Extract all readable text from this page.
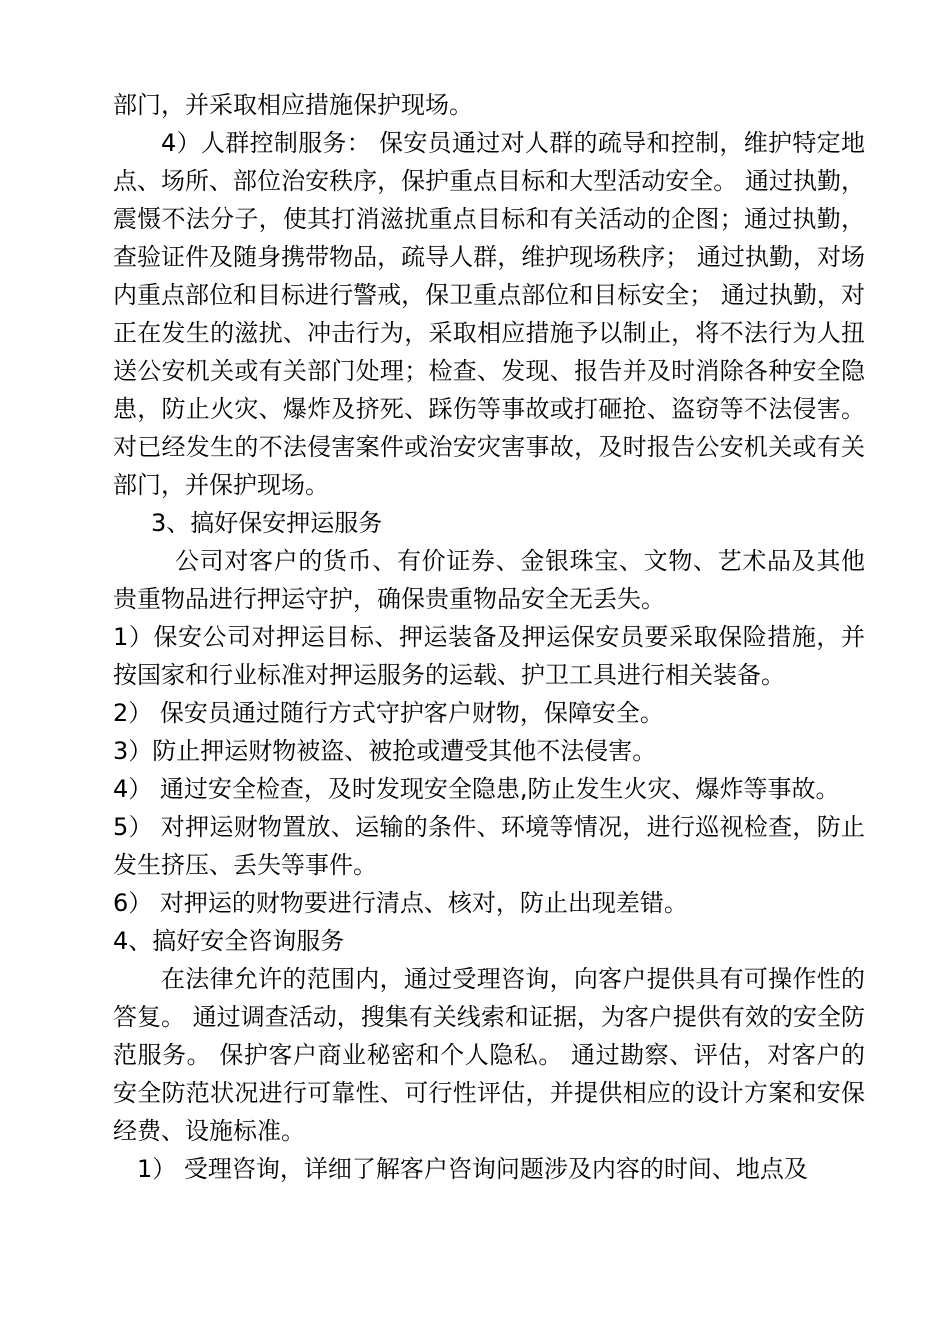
部门，并采取相应措施保护现场。

4）人群控制服务： 保安员通过对人群的疏导和控制，维护特定地点、场所、部位治安秩序，保护重点目标和大型活动安全。 通过执勤，震慑不法分子，使其打消滋扰重点目标和有关活动的企图；通过执勤，查验证件及随身携带物品，疏导人群，维护现场秩序； 通过执勤，对场内重点部位和目标进行警戒，保卫重点部位和目标安全； 通过执勤，对正在发生的滋扰、冲击行为，采取相应措施予以制止，将不法行为人扭送公安机关或有关部门处理；检查、发现、报告并及时消除各种安全隐患，防止火灾、爆炸及挤死、踩伤等事故或打砸抢、盗窃等不法侵害。对已经发生的不法侵害案件或治安灾害事故，及时报告公安机关或有关部门，并保护现场。

3、搞好保安押运服务

公司对客户的货币、有价证券、金银珠宝、文物、艺术品及其他贵重物品进行押运守护，确保贵重物品安全无丢失。

1）保安公司对押运目标、押运装备及押运保安员要采取保险措施，并按国家和行业标准对押运服务的运载、护卫工具进行相关装备。

2） 保安员通过随行方式守护客户财物，保障安全。

3）防止押运财物被盗、被抢或遭受其他不法侵害。

4） 通过安全检查，及时发现安全隐患,防止发生火灾、爆炸等事故。

5） 对押运财物置放、运输的条件、环境等情况，进行巡视检查，防止发生挤压、丢失等事件。

6） 对押运的财物要进行清点、核对，防止出现差错。

4、搞好安全咨询服务

在法律允许的范围内，通过受理咨询，向客户提供具有可操作性的答复。 通过调查活动，搜集有关线索和证据，为客户提供有效的安全防范服务。 保护客户商业秘密和个人隐私。 通过勘察、评估，对客户的安全防范状况进行可靠性、可行性评估，并提供相应的设计方案和安保经费、设施标准。

1） 受理咨询，详细了解客户咨询问题涉及内容的时间、地点及
